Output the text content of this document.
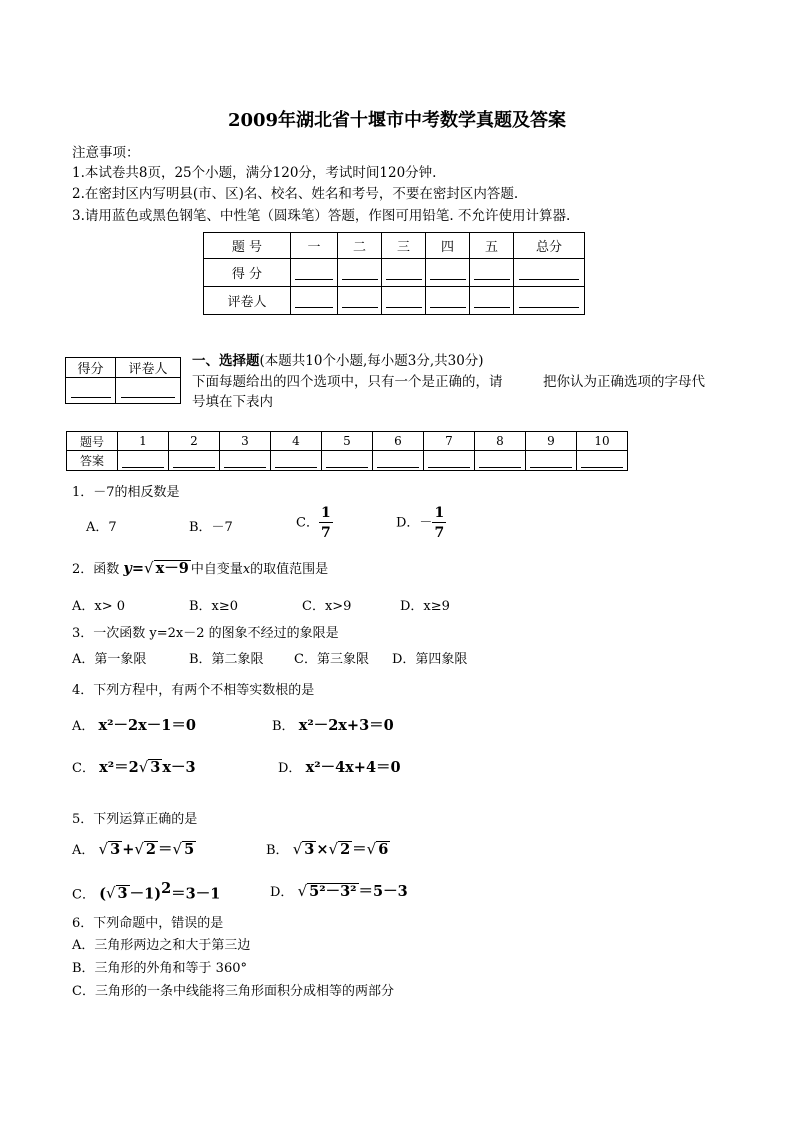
2009年湖北省十堰市中考数学真题及答案
注意事项：
1.本试卷共8页，25个小题，满分120分，考试时间120分钟.
2.在密封区内写明县(市、区)名、校名、姓名和考号，不要在密封区内答题.
3.请用蓝色或黑色钢笔、中性笔（圆珠笔）答题，作图可用铅笔. 不允许使用计算器.
题 号	一	二	三	四	五	总分
得 分						
评卷人						
得分	评卷人

一、选择题(本题共10个小题,每小题3分,共30分)
下面每题给出的四个选项中，只有一个是正确的，请	把你认为正确选项的字母代
号填在下表内
题号	1	2	3	4	5	6	7	8	9	10
答案										
1．－7的相反数是
A．7	B．－7	C． $\frac{1}{7}$	D．－ $\frac{1}{7}$
2．函数 y=√ x－9 中自变量x的取值范围是
A．x> 0	B．x≥0	C．x>9	D．x≥9
3．一次函数 y=2x－2 的图象不经过的象限是
A．第一象限	B．第二象限 C．第三象限 D．第四象限
4．下列方程中，有两个不相等实数根的是
A． x²－2x－1＝0	B． x²－2x+3＝0
C． x²＝2√ 3 x－3	D． x²－4x+4＝0
5．下列运算正确的是
A． √ 3 +√ 2 ＝√ 5	B． √ 3 ×√ 2 ＝√ 6
C． (√ 3 －1)$^2$＝3－1	D． √ 5²－3² ＝5－3
6．下列命题中，错误的是
A．三角形两边之和大于第三边
B．三角形的外角和等于 360°
C．三角形的一条中线能将三角形面积分成相等的两部分
